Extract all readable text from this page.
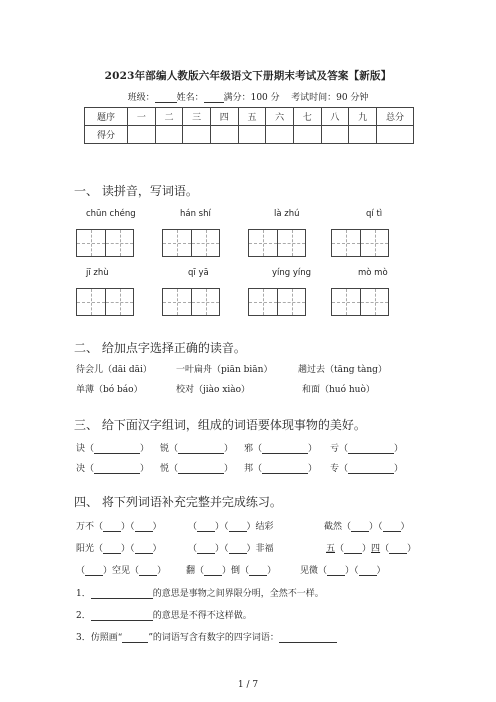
2023年部编人教版六年级语文下册期末考试及答案【新版】
班级： 姓名： 满分：100 分 考试时间：90 分钟
题序	一	二	三	四	五	六	七	八	九	总分
得分										
一、 读拼音，写词语。
chūn chéng	hán shí	là zhú	qí tì
jī zhù	qī yā	yíng yíng	mò mò
二、 给加点字选择正确的读音。
待会儿（dāi dāi）	一叶扁舟（piān biān）	趟过去（tāng tàng）
单薄（bó báo）	校对（jiào xiào）	和面（huó huò）
三、 给下面汉字组词，组成的词语要体现事物的美好。
诀（	） 锐（	） 邪（	） 亏（	）
决（	） 悦（	） 邦（	） 专（	）
四、 将下列词语补充完整并完成练习。
万不（ ）（ ）	（ ）（ ）结彩	截然（ ）（ ）
阳光（ ）（ ）	（ ）（ ）非福	五（ ）四（ ）
（ ）空见（ ） 翻（ ）倒（ ）	见微（ ）（ ）
1．	的意思是事物之间界限分明，全然不一样。
2．	的意思是不得不这样做。
3．仿照画“	”的词语写含有数字的四字词语：
1 / 7
